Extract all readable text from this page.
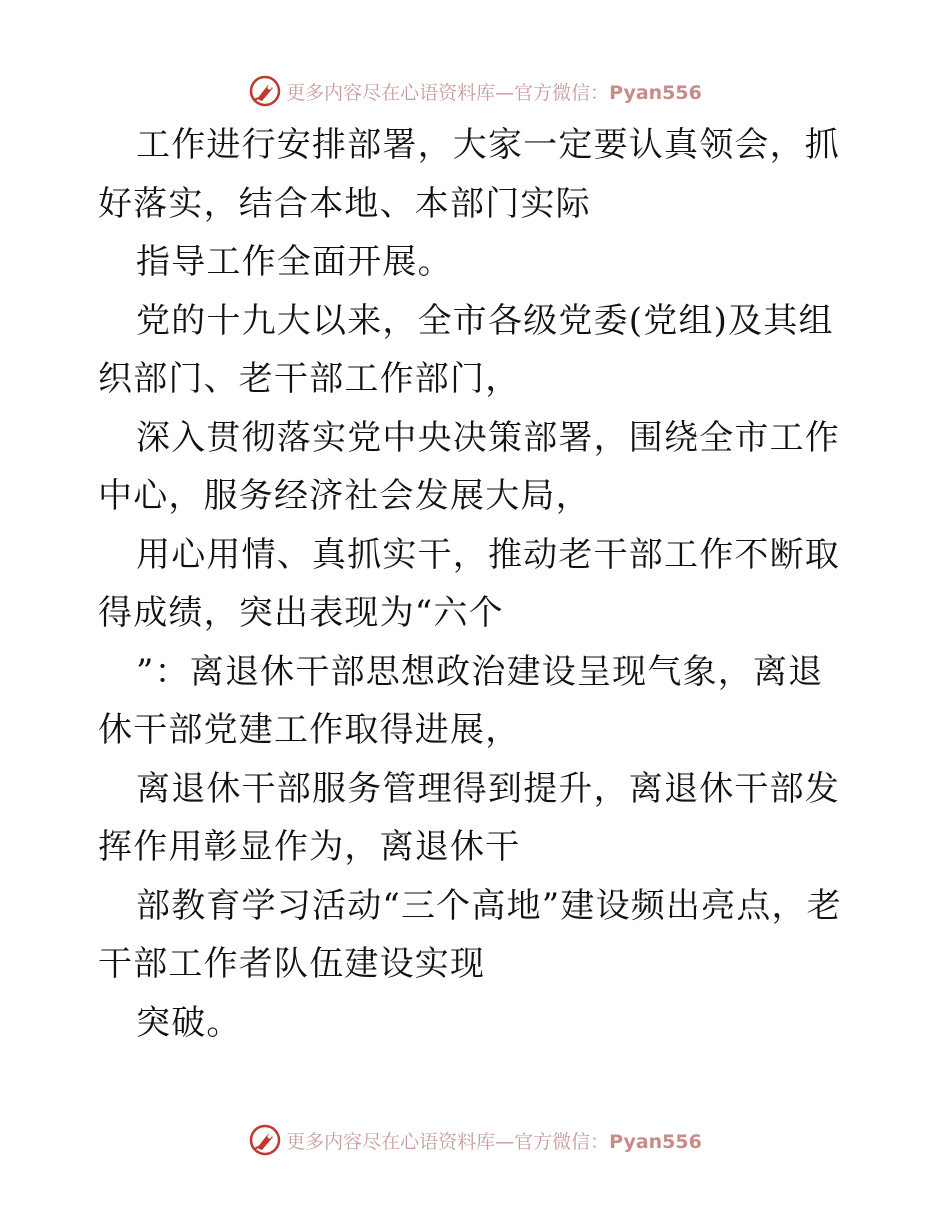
更多内容尽在心语资料库—官方微信：Pyan556

工作进行安排部署，大家一定要认真领会，抓好落实，结合本地、本部门实际

指导工作全面开展。

党的十九大以来，全市各级党委(党组)及其组织部门、老干部工作部门，

深入贯彻落实党中央决策部署，围绕全市工作中心，服务经济社会发展大局，

用心用情、真抓实干，推动老干部工作不断取得成绩，突出表现为“六个

”：离退休干部思想政治建设呈现气象，离退休干部党建工作取得进展，

离退休干部服务管理得到提升，离退休干部发挥作用彰显作为，离退休干

部教育学习活动“三个高地”建设频出亮点，老干部工作者队伍建设实现

突破。

更多内容尽在心语资料库—官方微信：Pyan556
